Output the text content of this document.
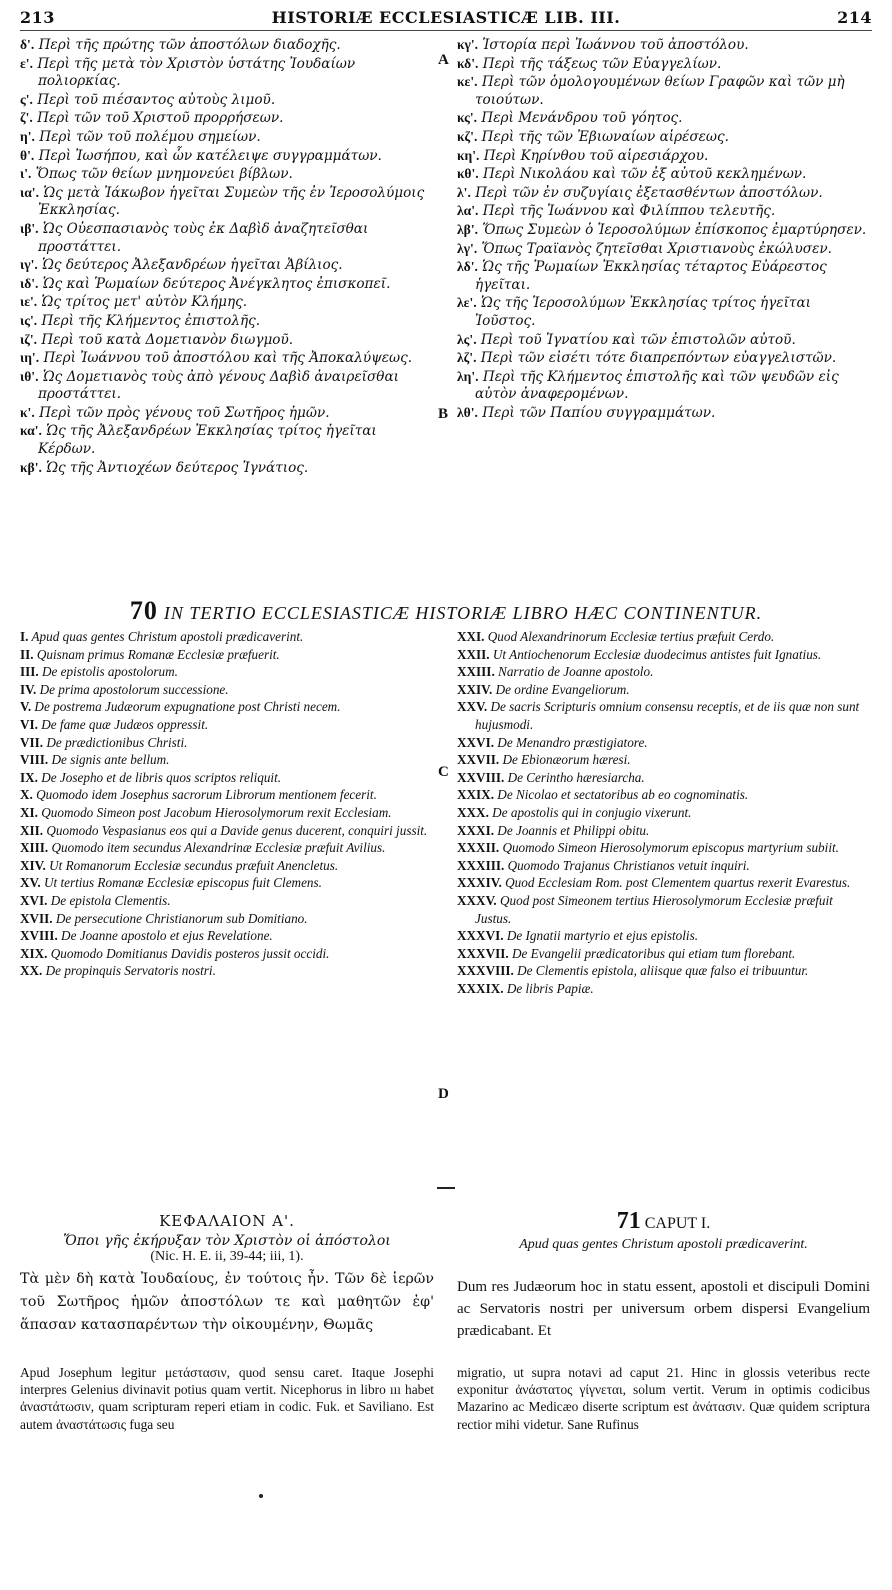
213	HISTORIÆ ECCLESIASTICÆ LIB. III.	214

δ'. Περὶ τῆς πρώτης τῶν ἀποστόλων διαδοχῆς.

ε'. Περὶ τῆς μετὰ τὸν Χριστὸν ὑστάτης Ἰουδαίων πολιορκίας.

ς'. Περὶ τοῦ πιέσαντος αὐτοὺς λιμοῦ.

ζ'. Περὶ τῶν τοῦ Χριστοῦ προρρήσεων.

η'. Περὶ τῶν τοῦ πολέμου σημείων.

θ'. Περὶ Ἰωσήπου, καὶ ὧν κατέλειψε συγγραμμάτων.

ι'. Ὅπως τῶν θείων μνημονεύει βίβλων.

ια'. Ὡς μετὰ Ἰάκωβον ἡγεῖται Συμεὼν τῆς ἐν Ἱεροσολύμοις Ἐκκλησίας.

ιβ'. Ὡς Οὐεσπασιανὸς τοὺς ἐκ Δαβὶδ ἀναζητεῖσθαι προστάττει.

ιγ'. Ὡς δεύτερος Ἀλεξανδρέων ἡγεῖται Ἀβίλιος.

ιδ'. Ὡς καὶ Ῥωμαίων δεύτερος Ἀνέγκλητος ἐπισκοπεῖ.

ιε'. Ὡς τρίτος μετ' αὐτὸν Κλήμης.

ις'. Περὶ τῆς Κλήμεντος ἐπιστολῆς.

ιζ'. Περὶ τοῦ κατὰ Δομετιανὸν διωγμοῦ.

ιη'. Περὶ Ἰωάννου τοῦ ἀποστόλου καὶ τῆς Ἀποκαλύψεως.

ιθ'. Ὡς Δομετιανὸς τοὺς ἀπὸ γένους Δαβὶδ ἀναιρεῖσθαι προστάττει.

κ'. Περὶ τῶν πρὸς γένους τοῦ Σωτῆρος ἡμῶν.

κα'. Ὡς τῆς Ἀλεξανδρέων Ἐκκλησίας τρίτος ἡγεῖται Κέρδων.

κβ'. Ὡς τῆς Ἀντιοχέων δεύτερος Ἰγνάτιος.

κγ'. Ἱστορία περὶ Ἰωάννου τοῦ ἀποστόλου.

κδ'. Περὶ τῆς τάξεως τῶν Εὐαγγελίων.

κε'. Περὶ τῶν ὁμολογουμένων θείων Γραφῶν καὶ τῶν μὴ τοιούτων.

κς'. Περὶ Μενάνδρου τοῦ γόητος.

κζ'. Περὶ τῆς τῶν Ἐβιωναίων αἱρέσεως.

κη'. Περὶ Κηρίνθου τοῦ αἱρεσιάρχου.

κθ'. Περὶ Νικολάου καὶ τῶν ἐξ αὐτοῦ κεκλημένων.

λ'. Περὶ τῶν ἐν συζυγίαις ἐξετασθέντων ἀποστόλων.

λα'. Περὶ τῆς Ἰωάννου καὶ Φιλίππου τελευτῆς.

λβ'. Ὅπως Συμεὼν ὁ Ἱεροσολύμων ἐπίσκοπος ἐμαρτύρησεν.

λγ'. Ὅπως Τραϊανὸς ζητεῖσθαι Χριστιανοὺς ἐκώλυσεν.

λδ'. Ὡς τῆς Ῥωμαίων Ἐκκλησίας τέταρτος Εὐάρεστος ἡγεῖται.

λε'. Ὡς τῆς Ἱεροσολύμων Ἐκκλησίας τρίτος ἡγεῖται Ἰοῦστος.

λς'. Περὶ τοῦ Ἰγνατίου καὶ τῶν ἐπιστολῶν αὐτοῦ.

λζ'. Περὶ τῶν εἰσέτι τότε διαπρεπόντων εὐαγγελιστῶν.

λη'. Περὶ τῆς Κλήμεντος ἐπιστολῆς καὶ τῶν ψευδῶν εἰς αὐτὸν ἀναφερομένων.

λθ'. Περὶ τῶν Παπίου συγγραμμάτων.

A
B
70 IN TERTIO ECCLESIASTICÆ HISTORIÆ LIBRO HÆC CONTINENTUR.

I. Apud quas gentes Christum apostoli prædicaverint.

II. Quisnam primus Romanæ Ecclesiæ præfuerit.

III. De epistolis apostolorum.

IV. De prima apostolorum successione.

V. De postrema Judæorum expugnatione post Christi necem.

VI. De fame quæ Judæos oppressit.

VII. De prædictionibus Christi.

VIII. De signis ante bellum.

IX. De Josepho et de libris quos scriptos reliquit.

X. Quomodo idem Josephus sacrorum Librorum mentionem fecerit.

XI. Quomodo Simeon post Jacobum Hierosolymorum rexit Ecclesiam.

XII. Quomodo Vespasianus eos qui a Davide genus ducerent, conquiri jussit.

XIII. Quomodo item secundus Alexandrinæ Ecclesiæ præfuit Avilius.

XIV. Ut Romanorum Ecclesiæ secundus præfuit Anencletus.

XV. Ut tertius Romanæ Ecclesiæ episcopus fuit Clemens.

XVI. De epistola Clementis.

XVII. De persecutione Christianorum sub Domitiano.

XVIII. De Joanne apostolo et ejus Revelatione.

XIX. Quomodo Domitianus Davidis posteros jussit occidi.

XX. De propinquis Servatoris nostri.

XXI. Quod Alexandrinorum Ecclesiæ tertius præfuit Cerdo.

XXII. Ut Antiochenorum Ecclesiæ duodecimus antistes fuit Ignatius.

XXIII. Narratio de Joanne apostolo.

XXIV. De ordine Evangeliorum.

XXV. De sacris Scripturis omnium consensu receptis, et de iis quæ non sunt hujusmodi.

XXVI. De Menandro præstigiatore.

XXVII. De Ebionæorum hæresi.

XXVIII. De Cerintho hæresiarcha.

XXIX. De Nicolao et sectatoribus ab eo cognominatis.

XXX. De apostolis qui in conjugio vixerunt.

XXXI. De Joannis et Philippi obitu.

XXXII. Quomodo Simeon Hierosolymorum episcopus martyrium subiit.

XXXIII. Quomodo Trajanus Christianos vetuit inquiri.

XXXIV. Quod Ecclesiam Rom. post Clementem quartus rexerit Evarestus.

XXXV. Quod post Simeonem tertius Hierosolymorum Ecclesiæ præfuit Justus.

XXXVI. De Ignatii martyrio et ejus epistolis.

XXXVII. De Evangelii prædicatoribus qui etiam tum florebant.

XXXVIII. De Clementis epistola, aliisque quæ falso ei tribuuntur.

XXXIX. De libris Papiæ.

C
D
ΚΕΦΑΛΑΙΟΝ Α'.
Ὅποι γῆς ἐκήρυξαν τὸν Χριστὸν οἱ ἀπόστολοι
(Nic. H. E. ii, 39-44; iii, 1).
Τὰ μὲν δὴ κατὰ Ἰουδαίους, ἐν τούτοις ἦν. Τῶν δὲ ἱερῶν τοῦ Σωτῆρος ἡμῶν ἀποστόλων τε καὶ μαθητῶν ἐφ' ἅπασαν κατασπαρέντων τὴν οἰκουμένην, Θωμᾶς
71 CAPUT I.
Apud quas gentes Christum apostoli prædicaverint.
Dum res Judæorum hoc in statu essent, apostoli et discipuli Domini ac Servatoris nostri per universum orbem dispersi Evangelium prædicabant. Et
Apud Josephum legitur μετάστασιν, quod sensu caret. Itaque Josephi interpres Gelenius divinavit potius quam vertit. Nicephorus in libro ııı habet ἀναστάτωσιν, quam scripturam reperi etiam in codic. Fuk. et Saviliano. Est autem ἀναστάτωσις fuga seu
migratio, ut supra notavi ad caput 21. Hinc in glossis veteribus recte exponitur ἀνάστατος γίγνεται, solum vertit. Verum in optimis codicibus Mazarino ac Medicæo diserte scriptum est ἀνάτασιν. Quæ quidem scriptura rectior mihi videtur. Sane Rufinus
